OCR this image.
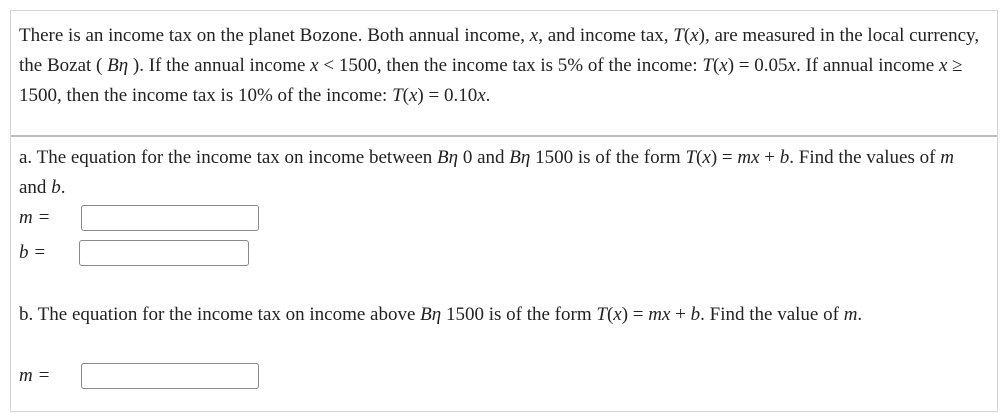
There is an income tax on the planet Bozone. Both annual income, x, and income tax, T(x), are measured in the local currency, the Bozat ( Bη ). If the annual income x < 1500, then the income tax is 5% of the income: T(x) = 0.05x. If annual income x ≥ 1500, then the income tax is 10% of the income: T(x) = 0.10x.
a. The equation for the income tax on income between Bη 0 and Bη 1500 is of the form T(x) = mx + b. Find the values of m and b.
m =
b =
b. The equation for the income tax on income above Bη 1500 is of the form T(x) = mx + b. Find the value of m.
m =
